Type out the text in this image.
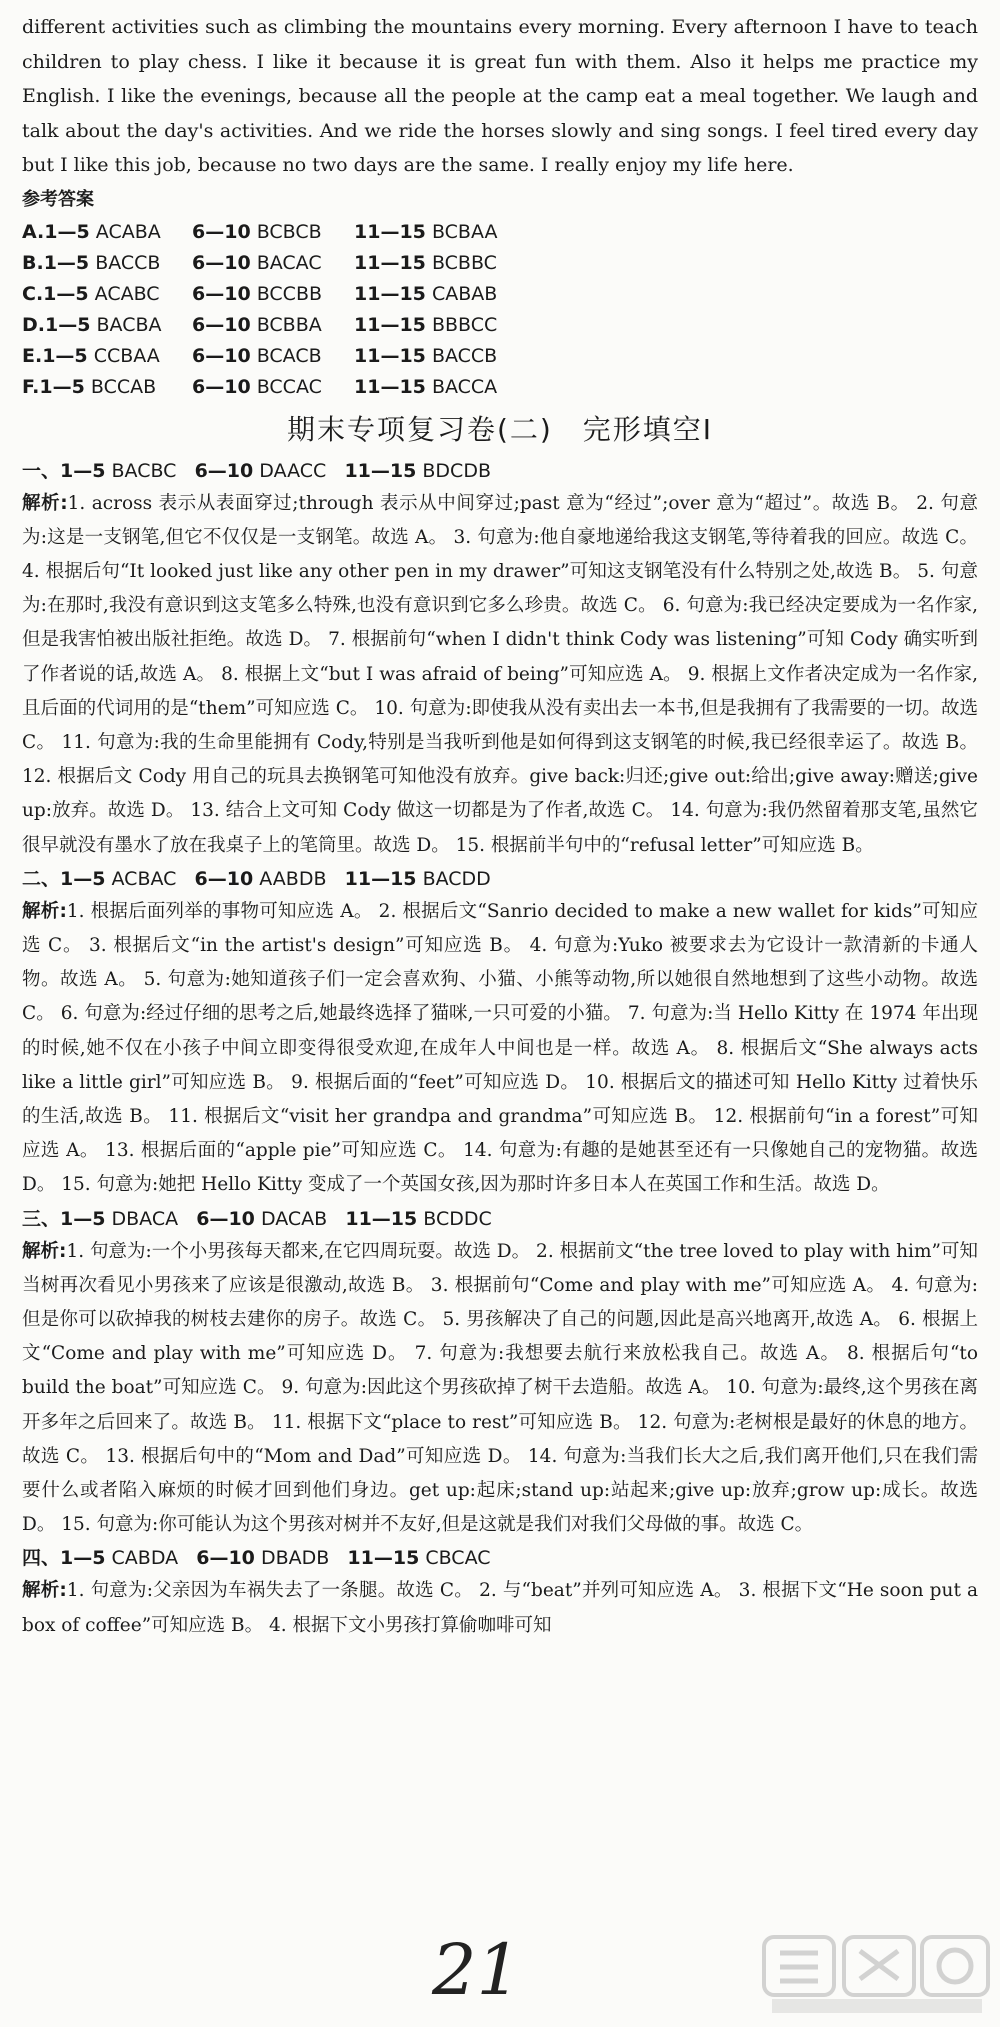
different activities such as climbing the mountains every morning. Every afternoon I have to teach children to play chess. I like it because it is great fun with them. Also it helps me practice my English. I like the evenings, because all the people at the camp eat a meal together. We laugh and talk about the day's activities. And we ride the horses slowly and sing songs. I feel tired every day but I like this job, because no two days are the same. I really enjoy my life here.

参考答案
A.1—5 ACABA	6—10 BCBCB	11—15 BCBAA
B.1—5 BACCB	6—10 BACAC	11—15 BCBBC
C.1—5 ACABC	6—10 BCCBB	11—15 CABAB
D.1—5 BACBA	6—10 BCBBA	11—15 BBBCC
E.1—5 CCBAA	6—10 BCACB	11—15 BACCB
F.1—5 BCCAB	6—10 BCCAC	11—15 BACCA
期末专项复习卷(二)　完形填空Ⅰ
一、1—5 BACBC 6—10 DAACC 11—15 BDCDB

解析:1. across 表示从表面穿过;through 表示从中间穿过;past 意为“经过”;over 意为“超过”。故选 B。 2. 句意为:这是一支钢笔,但它不仅仅是一支钢笔。故选 A。 3. 句意为:他自豪地递给我这支钢笔,等待着我的回应。故选 C。 4. 根据后句“It looked just like any other pen in my drawer”可知这支钢笔没有什么特别之处,故选 B。 5. 句意为:在那时,我没有意识到这支笔多么特殊,也没有意识到它多么珍贵。故选 C。 6. 句意为:我已经决定要成为一名作家,但是我害怕被出版社拒绝。故选 D。 7. 根据前句“when I didn't think Cody was listening”可知 Cody 确实听到了作者说的话,故选 A。 8. 根据上文“but I was afraid of being”可知应选 A。 9. 根据上文作者决定成为一名作家,且后面的代词用的是“them”可知应选 C。 10. 句意为:即使我从没有卖出去一本书,但是我拥有了我需要的一切。故选 C。 11. 句意为:我的生命里能拥有 Cody,特别是当我听到他是如何得到这支钢笔的时候,我已经很幸运了。故选 B。 12. 根据后文 Cody 用自己的玩具去换钢笔可知他没有放弃。give back:归还;give out:给出;give away:赠送;give up:放弃。故选 D。 13. 结合上文可知 Cody 做这一切都是为了作者,故选 C。 14. 句意为:我仍然留着那支笔,虽然它很早就没有墨水了放在我桌子上的笔筒里。故选 D。 15. 根据前半句中的“refusal letter”可知应选 B。

二、1—5 ACBAC 6—10 AABDB 11—15 BACDD

解析:1. 根据后面列举的事物可知应选 A。 2. 根据后文“Sanrio decided to make a new wallet for kids”可知应选 C。 3. 根据后文“in the artist's design”可知应选 B。 4. 句意为:Yuko 被要求去为它设计一款清新的卡通人物。故选 A。 5. 句意为:她知道孩子们一定会喜欢狗、小猫、小熊等动物,所以她很自然地想到了这些小动物。故选 C。 6. 句意为:经过仔细的思考之后,她最终选择了猫咪,一只可爱的小猫。 7. 句意为:当 Hello Kitty 在 1974 年出现的时候,她不仅在小孩子中间立即变得很受欢迎,在成年人中间也是一样。故选 A。 8. 根据后文“She always acts like a little girl”可知应选 B。 9. 根据后面的“feet”可知应选 D。 10. 根据后文的描述可知 Hello Kitty 过着快乐的生活,故选 B。 11. 根据后文“visit her grandpa and grandma”可知应选 B。 12. 根据前句“in a forest”可知应选 A。 13. 根据后面的“apple pie”可知应选 C。 14. 句意为:有趣的是她甚至还有一只像她自己的宠物猫。故选 D。 15. 句意为:她把 Hello Kitty 变成了一个英国女孩,因为那时许多日本人在英国工作和生活。故选 D。

三、1—5 DBACA 6—10 DACAB 11—15 BCDDC

解析:1. 句意为:一个小男孩每天都来,在它四周玩耍。故选 D。 2. 根据前文“the tree loved to play with him”可知当树再次看见小男孩来了应该是很激动,故选 B。 3. 根据前句“Come and play with me”可知应选 A。 4. 句意为:但是你可以砍掉我的树枝去建你的房子。故选 C。 5. 男孩解决了自己的问题,因此是高兴地离开,故选 A。 6. 根据上文“Come and play with me”可知应选 D。 7. 句意为:我想要去航行来放松我自己。故选 A。 8. 根据后句“to build the boat”可知应选 C。 9. 句意为:因此这个男孩砍掉了树干去造船。故选 A。 10. 句意为:最终,这个男孩在离开多年之后回来了。故选 B。 11. 根据下文“place to rest”可知应选 B。 12. 句意为:老树根是最好的休息的地方。故选 C。 13. 根据后句中的“Mom and Dad”可知应选 D。 14. 句意为:当我们长大之后,我们离开他们,只在我们需要什么或者陷入麻烦的时候才回到他们身边。get up:起床;stand up:站起来;give up:放弃;grow up:成长。故选 D。 15. 句意为:你可能认为这个男孩对树并不友好,但是这就是我们对我们父母做的事。故选 C。

四、1—5 CABDA 6—10 DBADB 11—15 CBCAC

解析:1. 句意为:父亲因为车祸失去了一条腿。故选 C。 2. 与“beat”并列可知应选 A。 3. 根据下文“He soon put a box of coffee”可知应选 B。 4. 根据下文小男孩打算偷咖啡可知

21
